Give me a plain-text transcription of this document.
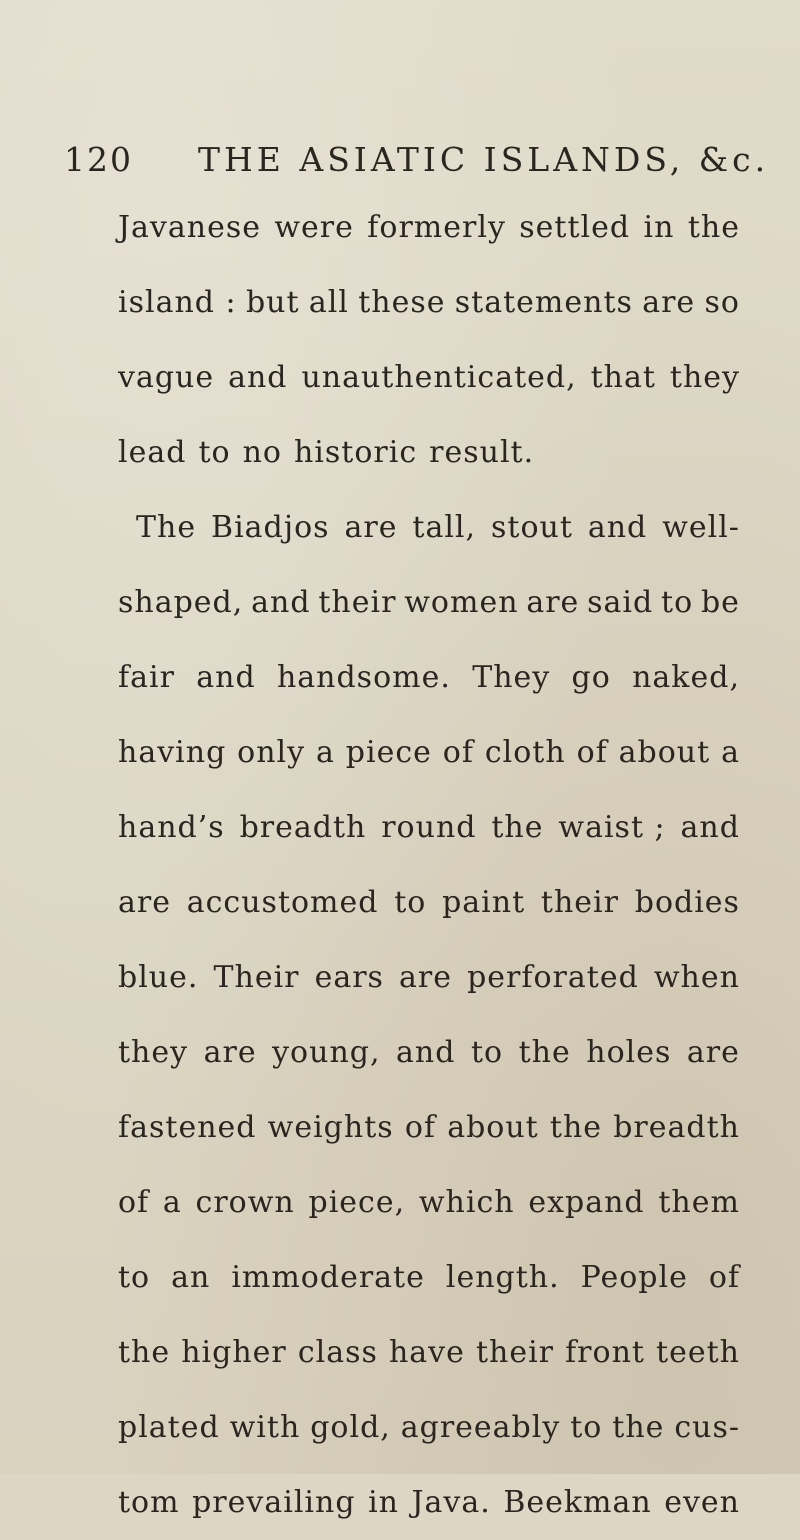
120 THE ASIATIC ISLANDS, &c.
Javanese were formerly settled in the
island : but all these statements are so
vague and unauthenticated, that they
lead to no historic result.
The Biadjos are tall, stout and well-
shaped, and their women are said to be
fair and handsome. They go naked,
having only a piece of cloth of about a
hand’s breadth round the waist ; and
are accustomed to paint their bodies
blue. Their ears are perforated when
they are young, and to the holes are
fastened weights of about the breadth
of a crown piece, which expand them
to an immoderate length. People of
the higher class have their front teeth
plated with gold, agreeably to the cus-
tom prevailing in Java. Beekman even
